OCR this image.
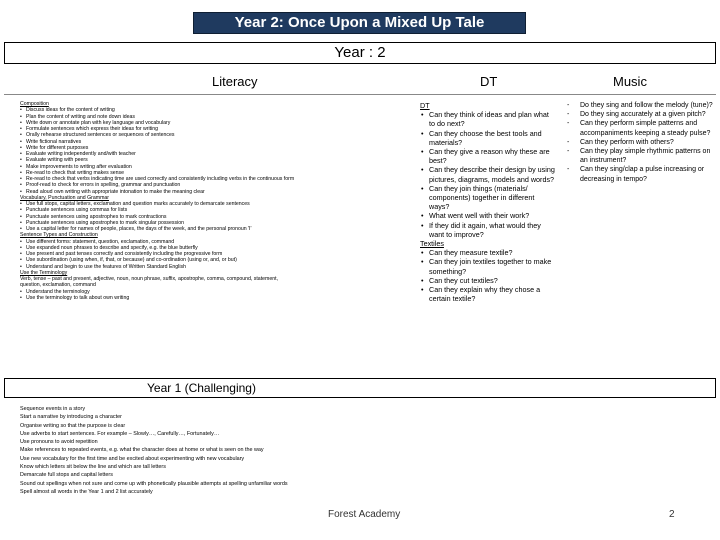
Year 2: Once Upon a Mixed Up Tale
Year : 2
Literacy	DT	Music
Composition
• Discuss ideas for the content of writing
• Plan the content of writing and note down ideas
• Write down or annotate plan with key language and vocabulary
• Formulate sentences which express their ideas for writing
• Orally rehearse structured sentences or sequences of sentences
• Write fictional narratives
• Write for different purposes
• Evaluate writing independently and/with teacher
• Evaluate writing with peers
• Make improvements to writing after evaluation
• Re-read to check that writing makes sense
• Re-read to check that verbs indicating time are used correctly and consistently including verbs in the continuous form
• Proof-read to check for errors in spelling, grammar and punctuation
• Read aloud own writing with appropriate intonation to make the meaning clear
Vocabulary, Punctuation and Grammar
• Use full stops, capital letters, exclamation and question marks accurately to demarcate sentences
• Punctuate sentences using commas for lists
• Punctuate sentences using apostrophes to mark contractions
• Punctuate sentences using apostrophes to mark singular possession
• Use a capital letter for names of people, places, the days of the week, and the personal pronoun 'I'
Sentence Types and Construction
• Use different forms: statement, question, exclamation, command
• Use expanded noun phrases to describe and specify, e.g. the blue butterfly
• Use present and past tenses correctly and consistently including the progressive form
• Use subordination (using when, if, that, or because) and co-ordination (using or, and, or but)
• Understand and begin to use the features of Written Standard English
Use the Terminology
Verb, tense – past and present, adjective, noun, noun phrase, suffix, apostrophe, comma, compound, statement,
question, exclamation, command
• Understand the terminology
• Use the terminology to talk about own writing
DT
• Can they think of ideas and plan what to do next?
• Can they choose the best tools and materials?
• Can they give a reason why these are best?
• Can they describe their design by using pictures, diagrams, models and words?
• Can they join things (materials/ components) together in different ways?
• What went well with their work?
• If they did it again, what would they want to improve?
Textiles
• Can they measure textile?
• Can they join textiles together to make something?
• Can they cut textiles?
• Can they explain why they chose a certain textile?
- Do they sing and follow the melody (tune)?
- Do they sing accurately at a given pitch?
- Can they perform simple patterns and accompaniments keeping a steady pulse?
- Can they perform with others?
- Can they play simple rhythmic patterns on an instrument?
- Can they sing/clap a pulse increasing or decreasing in tempo?
Year 1 (Challenging)
Sequence events in a story
Start a narrative by introducing a character
Organise writing so that the purpose is clear
Use adverbs to start sentences. For example – Slowly…, Carefully…, Fortunately…
Use pronouns to avoid repetition
Make references to repeated events, e.g. what the character does at home or what is seen on the way
Use new vocabulary for the first time and be excited about experimenting with new vocabulary
Know which letters sit below the line and which are tall letters
Demarcate full stops and capital letters
Sound out spellings when not sure and come up with phonetically plausible attempts at spelling unfamiliar words
Spell almost all words in the Year 1 and 2 list accurately
Forest Academy	2
